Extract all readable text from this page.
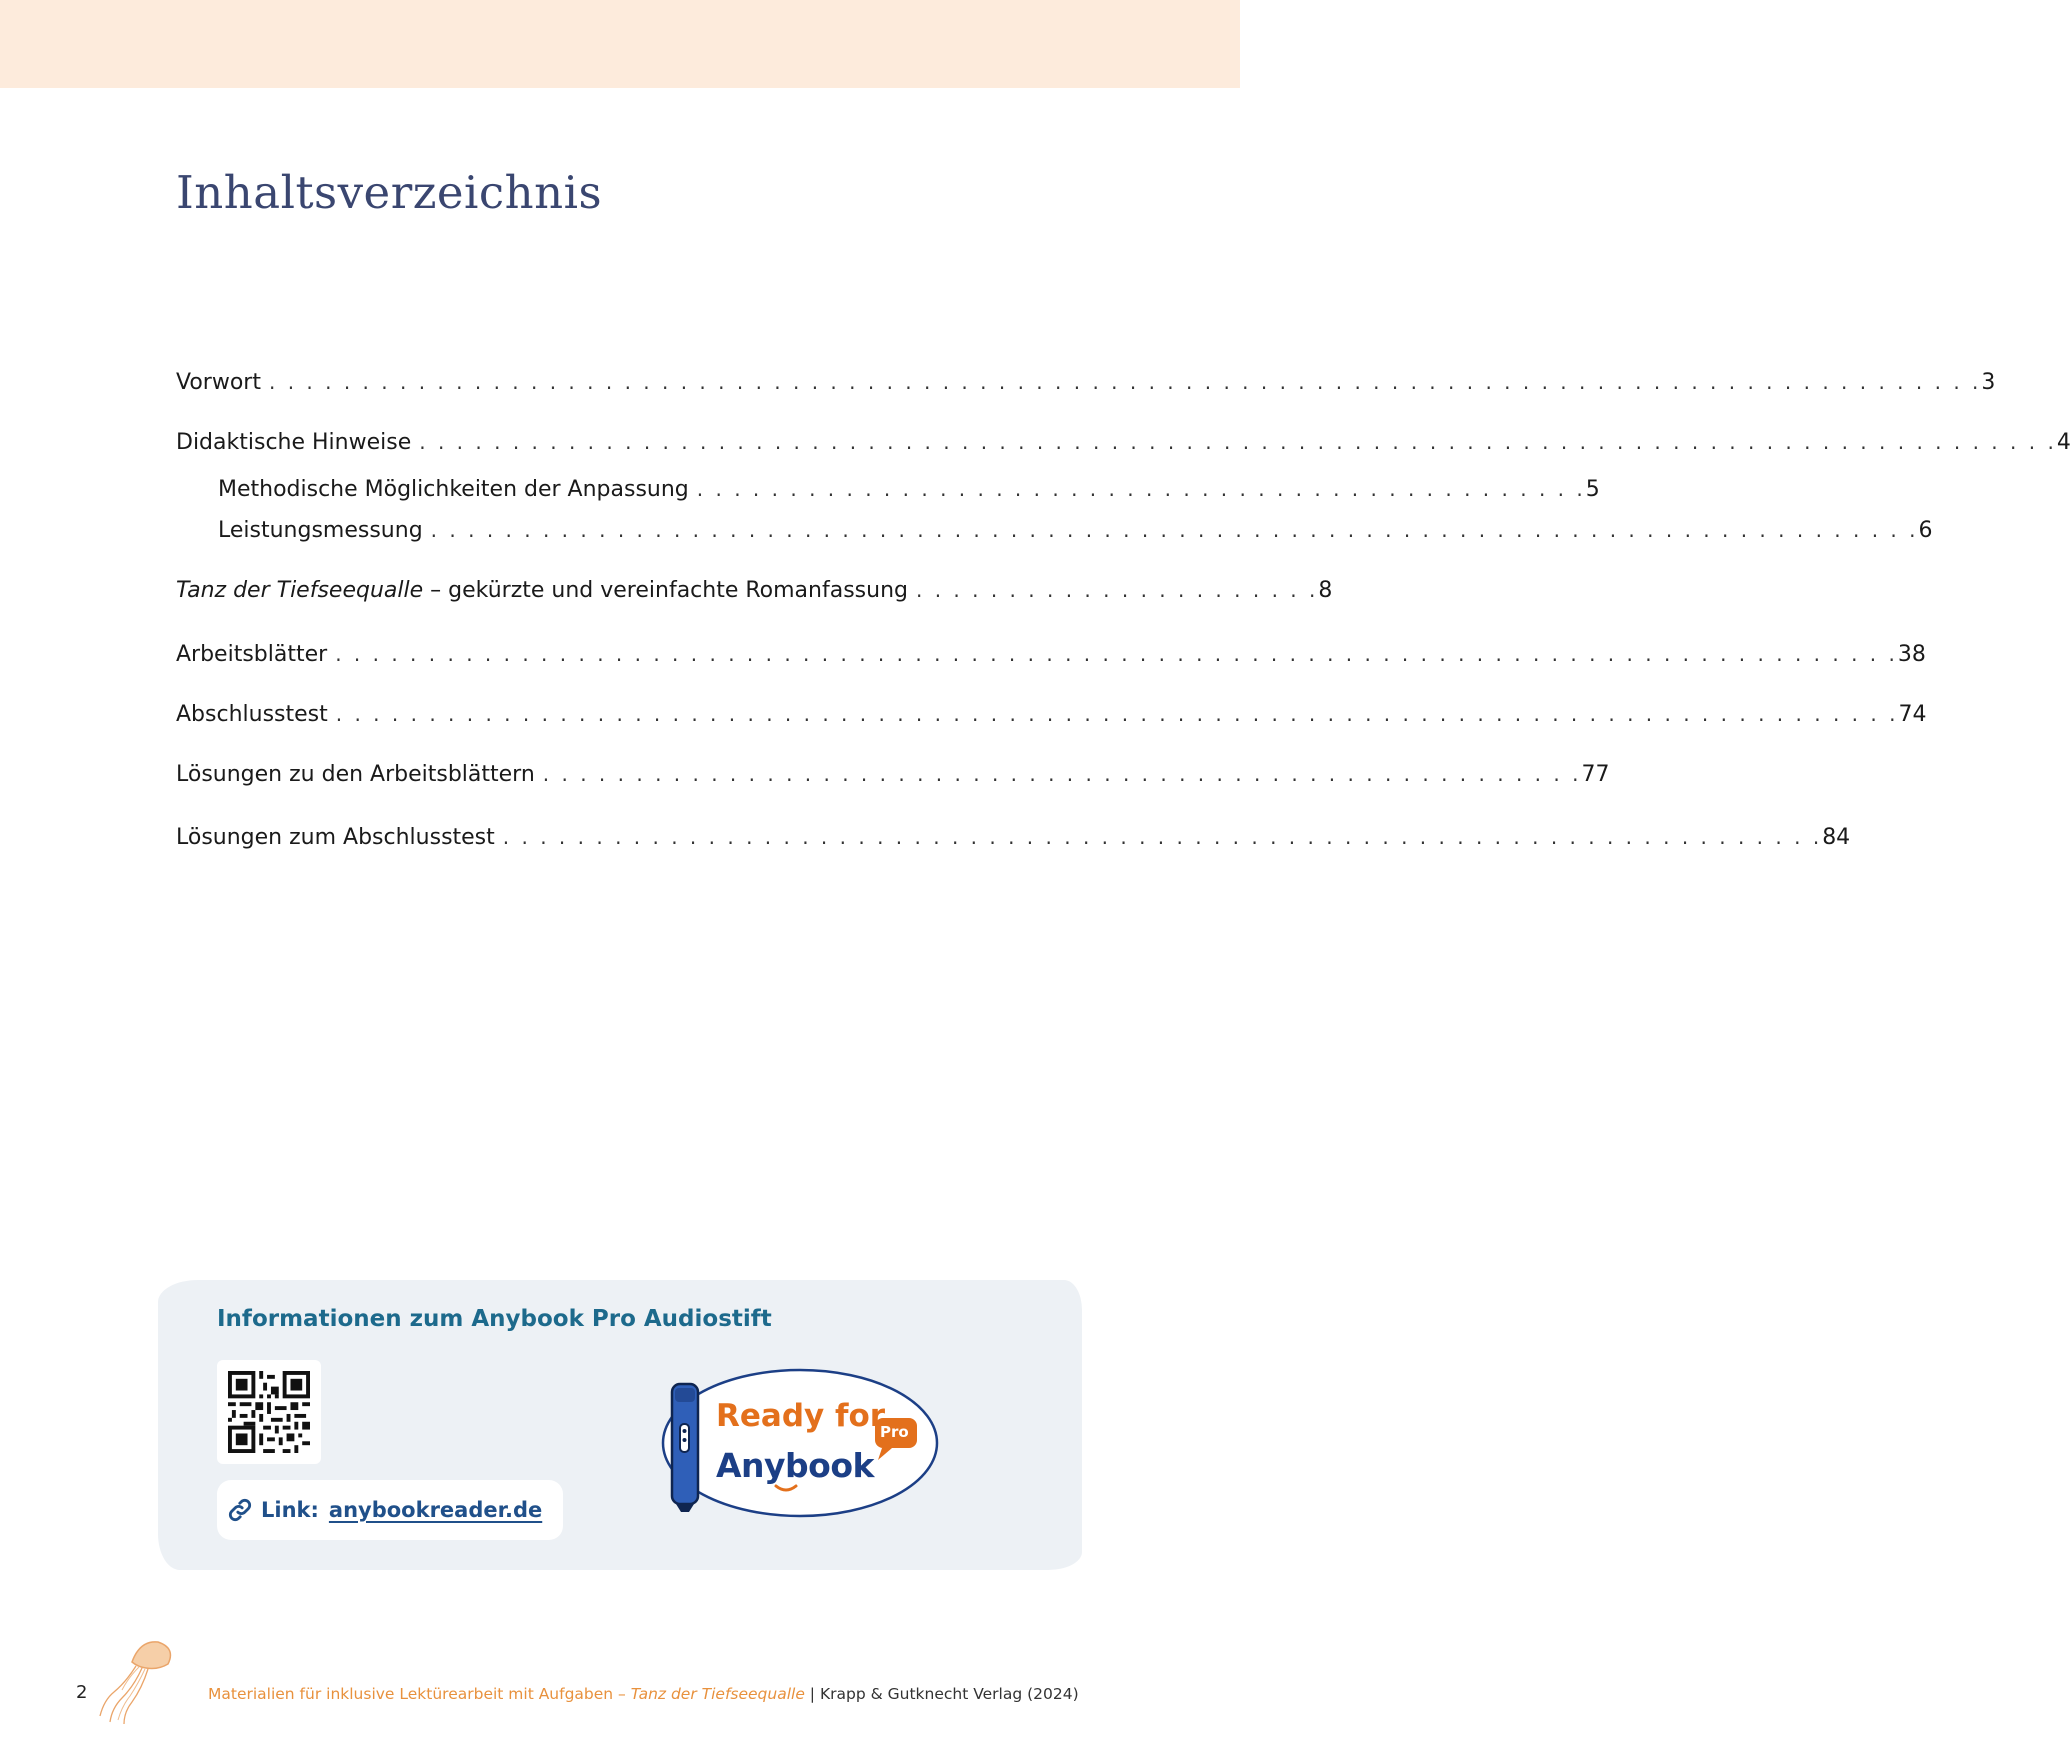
Inhaltsverzeichnis
Vorwort . . . . . . . . . . . . . . . . . . . . . . . . . . . . . . . . . . . . . . . . . . . . . . . . . . . . . . . . . . . . . . . . . . . . . . . . . . . . . . . . . . . . . . . . . . . . 3
Didaktische Hinweise . . . . . . . . . . . . . . . . . . . . . . . . . . . . . . . . . . . . . . . . . . . . . . . . . . . . . . . . . . . . . . . . . . . . . . . . . . . . . . . . . . . . . . . . 4
Methodische Möglichkeiten der Anpassung . . . . . . . . . . . . . . . . . . . . . . . . . . . . . . . . . . . . . . . . . . . . . . . . 5
Leistungsmessung . . . . . . . . . . . . . . . . . . . . . . . . . . . . . . . . . . . . . . . . . . . . . . . . . . . . . . . . . . . . . . . . . . . . . . . . . . . . . . . . 6
Tanz der Tiefseequalle – gekürzte und vereinfachte Romanfassung . . . . . . . . . . . . . . . . . . . . . . 8
Arbeitsblätter . . . . . . . . . . . . . . . . . . . . . . . . . . . . . . . . . . . . . . . . . . . . . . . . . . . . . . . . . . . . . . . . . . . . . . . . . . . . . . . . . . . . 38
Abschlusstest . . . . . . . . . . . . . . . . . . . . . . . . . . . . . . . . . . . . . . . . . . . . . . . . . . . . . . . . . . . . . . . . . . . . . . . . . . . . . . . . . . . . 74
Lösungen zu den Arbeitsblättern . . . . . . . . . . . . . . . . . . . . . . . . . . . . . . . . . . . . . . . . . . . . . . . . . . . . . . . . 77
Lösungen zum Abschlusstest . . . . . . . . . . . . . . . . . . . . . . . . . . . . . . . . . . . . . . . . . . . . . . . . . . . . . . . . . . . . . . . . . . . . . . . 84
Informationen zum Anybook Pro Audiostift
Link: anybookreader.de
Ready for
Anybook
Pro
2	Materialien für inklusive Lektürearbeit mit Aufgaben – Tanz der Tiefseequalle | Krapp & Gutknecht Verlag (2024)
